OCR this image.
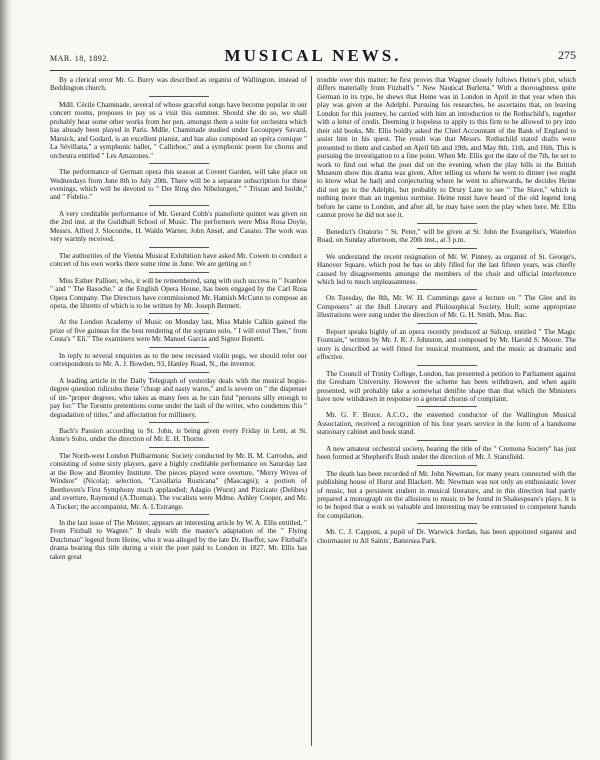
MAR. 18, 1892.	MUSICAL NEWS.	275

By a clerical error Mr. G. Burry was described as organist of Wallington, instead of Beddington church.

Mdll. Cécile Chaminade, several of whose graceful songs have become popular in our concert rooms, proposes to pay us a visit this summer. Should she do so, we shall probably hear some other works from her pen, amongst them a suite for orchestra which has already been played in Paris. Mdlle. Chaminade studied under Lecouppey Savard, Marsick, and Godard, is an excellent pianist, and has also composed an opéra comique " La Sévillana," a symphonic ballet, " Callirhoe," and a symphonic poem for chorus and orchestra entitled " Les Amazones."

The performance of German opera this season at Covent Garden, will take place on Wednesdays from June 8th to July 20th. There will be a separate subscription for these evenings, which will be devoted to " Der Ring des Nibelungen," " Tristan and Isolde," and " Fidelio."

A very creditable performance of Mr. Gerard Cobb's pianoforte quintet was given on the 2nd inst. at the Guildhall School of Music. The performers were Miss Rosa Doyle, Messrs. Alfred J. Slocombe, H. Waldo Warner, John Ansel, and Casano. The work was very warmly received.

The authorities of the Vienna Musical Exhibition have asked Mr. Cowen to conduct a concert of his own works there some time in June. We are getting on !

Miss Esther Palliser, who, it will be remembered, sang with such success in " Ivanhoe " and " The Basoche," at the English Opera House, has been engaged by the Carl Rosa Opera Company. The Directors have commissioned Mr. Hamish McCunn to compose an opera, the libretto of which is to be written by Mr. Joseph Bennett.

At the London Academy of Music on Monday last, Miss Mable Calkin gained the prize of five guineas for the best rendering of the soprano solo, " I will extol Thee," from Costa's " Eli." The examiners were Mr. Manuel Garcia and Signor Bonetti.

In reply to several enquiries as to the new recessed violin pegs, we should refer our correspondents to Mr. A. J. Bowden, 93, Hanley Road, N., the inventor.

A leading article in the Daily Telegraph of yesterday deals with the musical bogus-degree question ridicules these "cheap and nasty wares," and is severe on " the dispenser of im-"proper degrees, who takes as many fees as he can find "persons silly enough to pay for." The Toronto pretentions come under the lash of the writer, who condemns this " degradation of titles," and affectation for millinery.

Bach's Passion according to St. John, is being given every Friday in Lent, at St. Anne's Soho, under the direction of Mr. E. H. Thorne.

The North-west London Philharmonic Society conducted by Mr. B. M. Carrodus, and consisting of some sixty players, gave a highly creditable performance on Saturday last at the Bow and Bromley Institute. The pieces played were overture, "Merry Wives of Windsor" (Nicola); selection, "Cavallaria Rusticana" (Mascagni); a portion of Beethoven's First Symphony much applauded; Adagio (Wurst) and Pizzicato (Delibes) and overture, Raymond (A.Thomas). The vocalists were Mdme. Ashley Cooper, and Mr. A Tucker; the accompanist, Mr. A. L'Estrange.

In the last issue of The Meister, appears an interesting article by W. A. Ellis entitled, " From Fitzball to Wagner." It deals with the master's adaptation of the " Flying Dutchman" legend from Heine, who it was alleged by the late Dr. Hueffer, saw Fitzball's drama bearing this title during a visit the poet paid to London in 1827. Mr. Ellis has taken great

trouble over this matter; he first proves that Wagner closely follows Heine's plot, which differs materially from Fitzball's " New Nautical Burletta." With a thoroughness quite German in its type, he shews that Heine was in London in April in that year when this play was given at the Adelphi. Pursuing his researches, he ascertains that, on leaving London for this journey, he carried with him an introduction to the Rothschild's, together with a letter of credit. Deeming it hopeless to apply to this firm to be allowed to pry into their old books, Mr. Ellis boldly asked the Chief Accountant of the Bank of England to assist him in his quest. The result was that Messrs. Rothschild stated drafts were presented to them and cashed on April 6th and 19th, and May 8th, 11th, and 16th. This is pursuing the investigation to a fine point. When Mr. Ellis got the date of the 7th, he set to work to find out what the poet did on the evening when the play bills in the British Museum show this drama was given. After telling us where he went to dinner (we ought to know what he had) and conjecturing where he went to afterwards, he decides Heine did not go to the Adelphi, but probably to Drury Lane to see " The Slave," which is nothing more than an ingenius surmise. Heine must have heard of the old legend long before he came to London, and after all, he may have seen the play when here. Mr. Ellis cannot prove he did not see it.

Benedict's Oratorio " St. Peter," will be given at St. John the Evangelist's, Waterloo Road, on Sunday afternoon, the 20th inst., at 3 p.m.

We understand the recent resignation of Mr. W. Pinney, as organist of St. George's, Hanover Square, which post he has so ably filled for the last fifteen years, was chiefly caused by disagreements amongst the members of the choir and official interference which led to much unpleasantness.

On Tuesday, the 8th, Mr. W. H. Cummings gave a lecture on " The Glee and its Composers" at the Hull Literary and Philosophical Society, Hull; some appropriate illustrations were sung under the direction of Mr. G. H. Smith, Mus. Bac.

Report speaks highly of an opera recently produced at Sidcup, entitled " The Magic Fountain," written by Mr. J. R. J. Johnston, and composed by Mr. Harold S. Moore. The story is described as well fitted for musical treatment, and the music as dramatic and effective.

The Council of Trinity College, London, has presented a petition to Parliament against the Gresham University. However the scheme has been withdrawn, and when again presented, will probably take a somewhat denifite shape than that which the Ministers have now withdrawn in response to a general chorus of complaint.

Mr. G. F. Bruce, A.C.O., the esteemed conductor of the Wallington Musical Association, received a recognition of his four years service in the form of a handsome stationary cabinet and book stand.

A new amateur orchestral society, bearing the title of the " Cremona Society" has just been formed at Shepherd's Bush under the direction of Mr. J. Stansfield.

The death has been recorded of Mr. John Newman, for many years connected with the publishing house of Hurst and Blackett. Mr. Newman was not only an enthusiastic lover of music, but a persistent student in musical literature, and in this direction had partly prepared a monograph on the allusions to music to be found in Shakespeare's plays. It is to be hoped that a work so valuable and interesting may be entrusted to competent hands for compilation.

Mr. C. J. Capponi, a pupil of Dr. Warwick Jordan, has been appointed organist and choirmaster to All Saints', Battersea Park.
